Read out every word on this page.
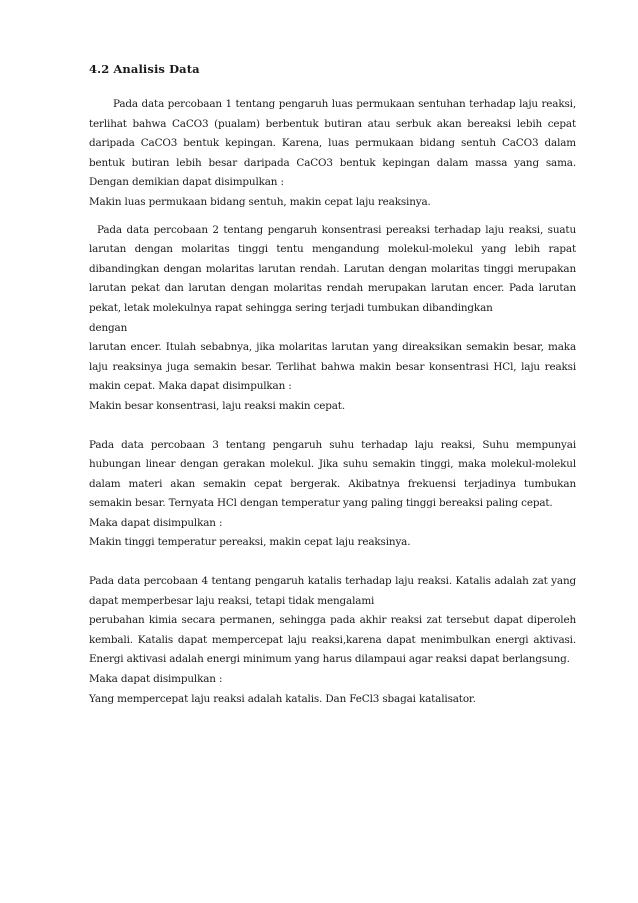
4.2 Analisis Data

Pada data percobaan 1 tentang pengaruh luas permukaan sentuhan terhadap laju reaksi, terlihat bahwa CaCO3 (pualam) berbentuk butiran atau serbuk akan bereaksi lebih cepat daripada CaCO3 bentuk kepingan. Karena, luas permukaan bidang sentuh CaCO3 dalam bentuk butiran lebih besar daripada CaCO3 bentuk kepingan dalam massa yang sama. Dengan demikian dapat disimpulkan :

Makin luas permukaan bidang sentuh, makin cepat laju reaksinya.

Pada data percobaan 2 tentang pengaruh konsentrasi pereaksi terhadap laju reaksi, suatu larutan dengan molaritas tinggi tentu mengandung molekul-molekul yang lebih rapat dibandingkan dengan molaritas larutan rendah. Larutan dengan molaritas tinggi merupakan larutan pekat dan larutan dengan molaritas rendah merupakan larutan encer. Pada larutan pekat, letak molekulnya rapat sehingga sering terjadi tumbukan dibandingkan

dengan

larutan encer. Itulah sebabnya, jika molaritas larutan yang direaksikan semakin besar, maka laju reaksinya juga semakin besar. Terlihat bahwa makin besar konsentrasi HCl, laju reaksi makin cepat. Maka dapat disimpulkan :

Makin besar konsentrasi, laju reaksi makin cepat.

Pada data percobaan 3 tentang pengaruh suhu terhadap laju reaksi, Suhu mempunyai hubungan linear dengan gerakan molekul. Jika suhu semakin tinggi, maka molekul-molekul dalam materi akan semakin cepat bergerak. Akibatnya frekuensi terjadinya tumbukan semakin besar. Ternyata HCl dengan temperatur yang paling tinggi bereaksi paling cepat.

Maka dapat disimpulkan :

Makin tinggi temperatur pereaksi, makin cepat laju reaksinya.

Pada data percobaan 4 tentang pengaruh katalis terhadap laju reaksi. Katalis adalah zat yang dapat memperbesar laju reaksi, tetapi tidak mengalami

perubahan kimia secara permanen, sehingga pada akhir reaksi zat tersebut dapat diperoleh kembali. Katalis dapat mempercepat laju reaksi,karena dapat menimbulkan energi aktivasi. Energi aktivasi adalah energi minimum yang harus dilampaui agar reaksi dapat berlangsung.

Maka dapat disimpulkan :

Yang mempercepat laju reaksi adalah katalis. Dan FeCl3 sbagai katalisator.
